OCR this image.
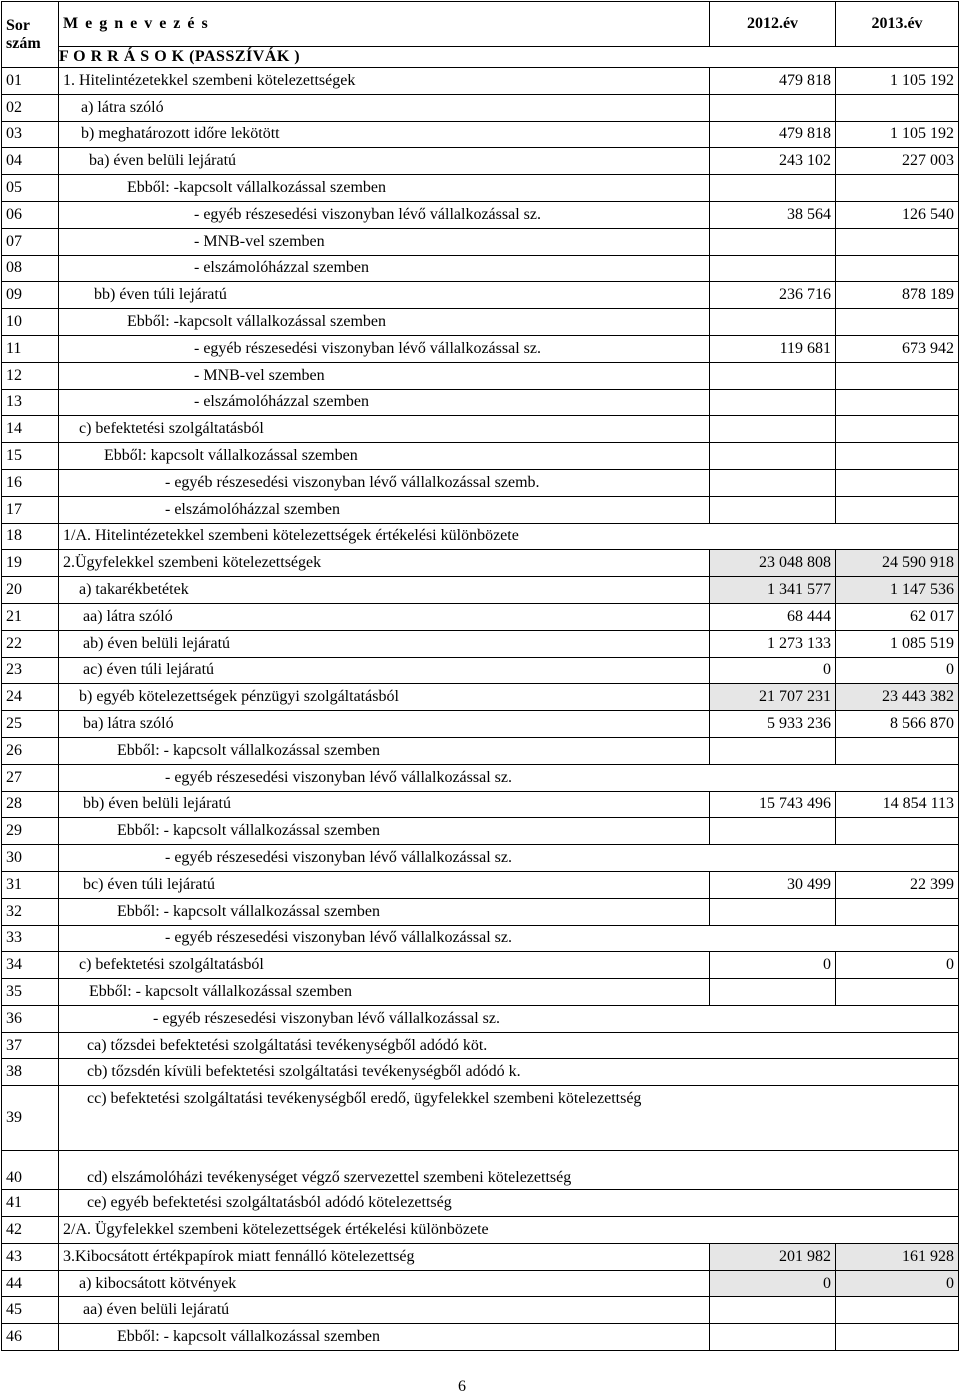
Sor
szám	M e g n e v e z é s	2012.év	2013.év
	F O R R Á S O K (PASSZÍVÁK )		
01	1. Hitelintézetekkel szembeni kötelezettségek	479 818	1 105 192
02	a) látra szóló		
03	b) meghatározott időre lekötött	479 818	1 105 192
04	ba) éven belüli lejáratú	243 102	227 003
05	Ebből: -kapcsolt vállalkozással szemben		
06	- egyéb részesedési viszonyban lévő vállalkozással sz.	38 564	126 540
07	- MNB-vel szemben		
08	- elszámolóházzal szemben		
09	bb) éven túli lejáratú	236 716	878 189
10	Ebből: -kapcsolt vállalkozással szemben		
11	- egyéb részesedési viszonyban lévő vállalkozással sz.	119 681	673 942
12	- MNB-vel szemben		
13	- elszámolóházzal szemben		
14	c) befektetési szolgáltatásból		
15	Ebből: kapcsolt vállalkozással szemben		
16	- egyéb részesedési viszonyban lévő vállalkozással szemb.		
17	- elszámolóházzal szemben		
18	1/A. Hitelintézetekkel szembeni kötelezettségek értékelési különbözete		
19	2.Ügyfelekkel szembeni kötelezettségek	23 048 808	24 590 918
20	a) takarékbetétek	1 341 577	1 147 536
21	aa) látra szóló	68 444	62 017
22	ab) éven belüli lejáratú	1 273 133	1 085 519
23	ac) éven túli lejáratú	0	0
24	b) egyéb kötelezettségek pénzügyi szolgáltatásból	21 707 231	23 443 382
25	ba) látra szóló	5 933 236	8 566 870
26	Ebből: - kapcsolt vállalkozással szemben		
27	- egyéb részesedési viszonyban lévő vállalkozással sz.		
28	bb) éven belüli lejáratú	15 743 496	14 854 113
29	Ebből: - kapcsolt vállalkozással szemben		
30	- egyéb részesedési viszonyban lévő vállalkozással sz.		
31	bc) éven túli lejáratú	30 499	22 399
32	Ebből: - kapcsolt vállalkozással szemben		
33	- egyéb részesedési viszonyban lévő vállalkozással sz.		
34	c) befektetési szolgáltatásból	0	0
35	Ebből: - kapcsolt vállalkozással szemben		
36	- egyéb részesedési viszonyban lévő vállalkozással sz.		
37	ca) tőzsdei befektetési szolgáltatási tevékenységből adódó köt.		
38	cb) tőzsdén kívüli befektetési szolgáltatási tevékenységből adódó k.		
39	cc) befektetési szolgáltatási tevékenységből eredő, ügyfelekkel szembeni kötelezettség		
40	cd) elszámolóházi tevékenységet végző szervezettel szembeni kötelezettség		
41	ce) egyéb befektetési szolgáltatásból adódó kötelezettség		
42	2/A. Ügyfelekkel szembeni kötelezettségek értékelési különbözete		
43	3.Kibocsátott értékpapírok miatt fennálló kötelezettség	201 982	161 928
44	a) kibocsátott kötvények	0	0
45	aa) éven belüli lejáratú		
46	Ebből: - kapcsolt vállalkozással szemben		
6
